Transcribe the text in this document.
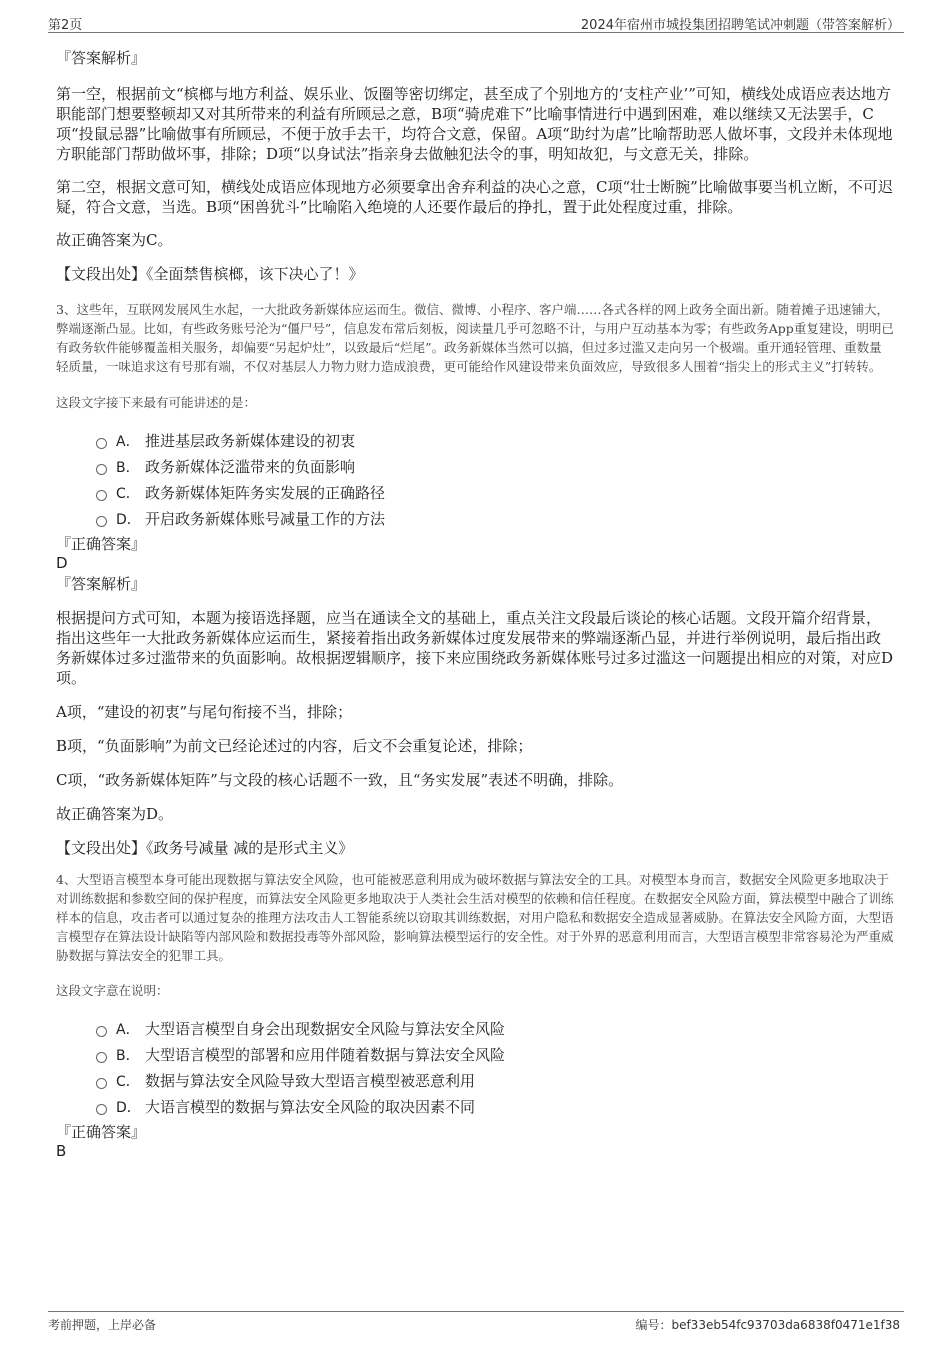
第2页	2024年宿州市城投集团招聘笔试冲刺题（带答案解析）

『答案解析』

第一空，根据前文“槟榔与地方利益、娱乐业、饭圈等密切绑定，甚至成了个别地方的‘支柱产业’”可知，横线处成语应表达地方职能部门想要整顿却又对其所带来的利益有所顾忌之意，B项“骑虎难下”比喻事情进行中遇到困难，难以继续又无法罢手，C项“投鼠忌器”比喻做事有所顾忌，不便于放手去干，均符合文意，保留。A项“助纣为虐”比喻帮助恶人做坏事，文段并未体现地方职能部门帮助做坏事，排除；D项“以身试法”指亲身去做触犯法令的事，明知故犯，与文意无关，排除。

第二空，根据文意可知，横线处成语应体现地方必须要拿出舍弃利益的决心之意，C项“壮士断腕”比喻做事要当机立断，不可迟疑，符合文意，当选。B项“困兽犹斗”比喻陷入绝境的人还要作最后的挣扎，置于此处程度过重，排除。

故正确答案为C。

【文段出处】《全面禁售槟榔，该下决心了！》

3、这些年，互联网发展风生水起，一大批政务新媒体应运而生。微信、微博、小程序、客户端……各式各样的网上政务全面出新。随着摊子迅速铺大，弊端逐渐凸显。比如，有些政务账号沦为“僵尸号”，信息发布常后刻板，阅读量几乎可忽略不计，与用户互动基本为零；有些政务App重复建设，明明已有政务软件能够覆盖相关服务，却偏要“另起炉灶”，以致最后“烂尾”。政务新媒体当然可以搞，但过多过滥又走向另一个极端。重开通轻管理、重数量轻质量，一味追求这有号那有端，不仅对基层人力物力财力造成浪费，更可能给作风建设带来负面效应，导致很多人围着“指尖上的形式主义”打转转。

这段文字接下来最有可能讲述的是：

A． 推进基层政务新媒体建设的初衷
B． 政务新媒体泛滥带来的负面影响
C． 政务新媒体矩阵务实发展的正确路径
D． 开启政务新媒体账号减量工作的方法

『正确答案』

D

『答案解析』

根据提问方式可知，本题为接语选择题，应当在通读全文的基础上，重点关注文段最后谈论的核心话题。文段开篇介绍背景，指出这些年一大批政务新媒体应运而生，紧接着指出政务新媒体过度发展带来的弊端逐渐凸显，并进行举例说明，最后指出政务新媒体过多过滥带来的负面影响。故根据逻辑顺序，接下来应围绕政务新媒体账号过多过滥这一问题提出相应的对策，对应D项。

A项，“建设的初衷”与尾句衔接不当，排除；

B项，“负面影响”为前文已经论述过的内容，后文不会重复论述，排除；

C项，“政务新媒体矩阵”与文段的核心话题不一致，且“务实发展”表述不明确，排除。

故正确答案为D。

【文段出处】《政务号减量 减的是形式主义》

4、大型语言模型本身可能出现数据与算法安全风险，也可能被恶意利用成为破坏数据与算法安全的工具。对模型本身而言，数据安全风险更多地取决于对训练数据和参数空间的保护程度，而算法安全风险更多地取决于人类社会生活对模型的依赖和信任程度。在数据安全风险方面，算法模型中融合了训练样本的信息，攻击者可以通过复杂的推理方法攻击人工智能系统以窃取其训练数据，对用户隐私和数据安全造成显著威胁。在算法安全风险方面，大型语言模型存在算法设计缺陷等内部风险和数据投毒等外部风险，影响算法模型运行的安全性。对于外界的恶意利用而言，大型语言模型非常容易沦为严重威胁数据与算法安全的犯罪工具。

这段文字意在说明：

A． 大型语言模型自身会出现数据安全风险与算法安全风险
B． 大型语言模型的部署和应用伴随着数据与算法安全风险
C． 数据与算法安全风险导致大型语言模型被恶意利用
D． 大语言模型的数据与算法安全风险的取决因素不同

『正确答案』

B

考前押题，上岸必备	编号：bef33eb54fc93703da6838f0471e1f38
